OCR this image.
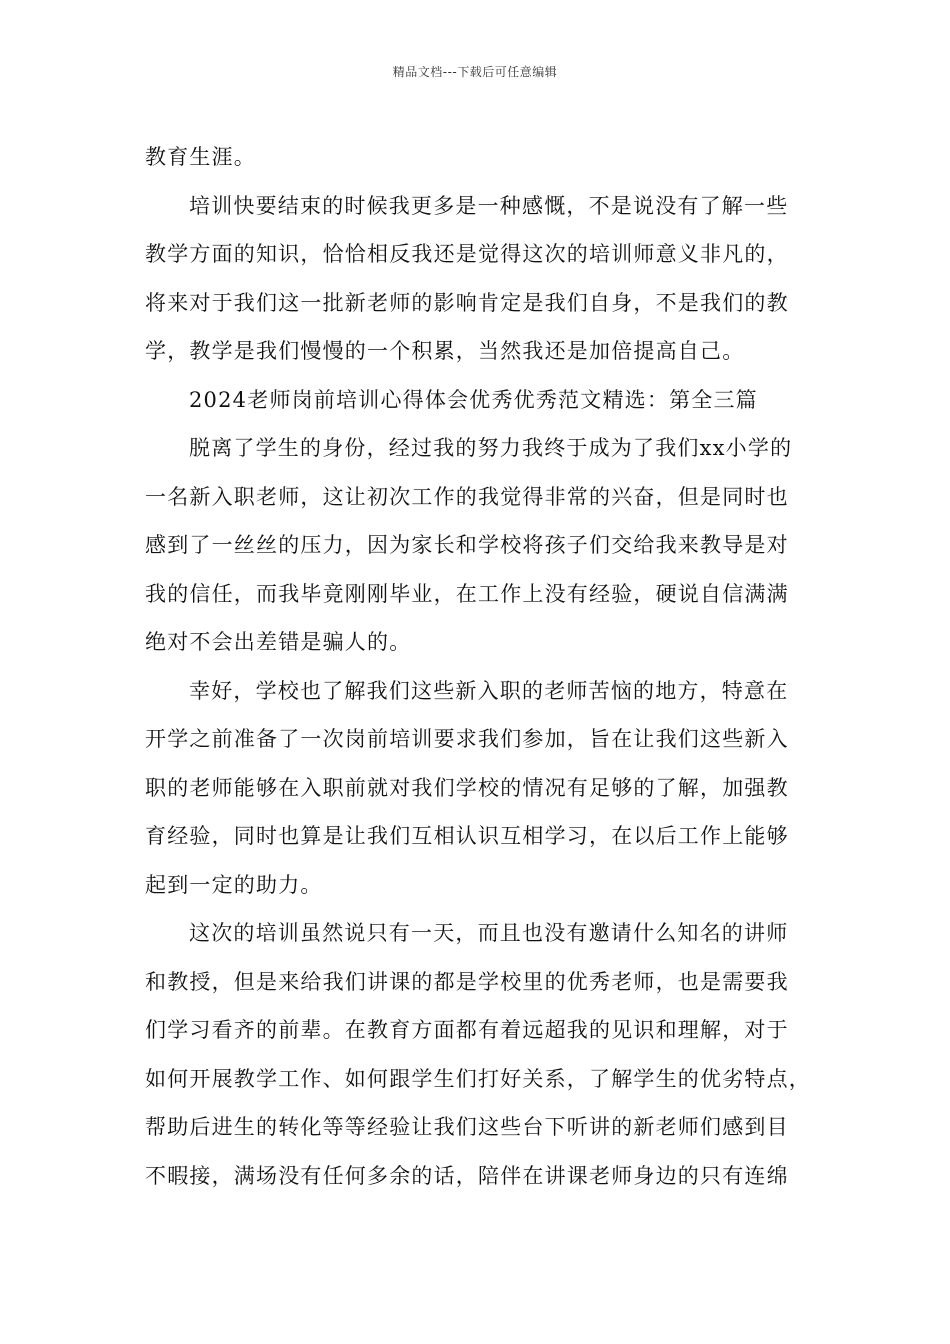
精品文档---下载后可任意编辑
教育生涯。
培训快要结束的时候我更多是一种感慨，不是说没有了解一些
教学方面的知识，恰恰相反我还是觉得这次的培训师意义非凡的，
将来对于我们这一批新老师的影响肯定是我们自身，不是我们的教
学，教学是我们慢慢的一个积累，当然我还是加倍提高自己。
2024老师岗前培训心得体会优秀优秀范文精选：第全三篇
脱离了学生的身份，经过我的努力我终于成为了我们xx小学的
一名新入职老师，这让初次工作的我觉得非常的兴奋，但是同时也
感到了一丝丝的压力，因为家长和学校将孩子们交给我来教导是对
我的信任，而我毕竟刚刚毕业，在工作上没有经验，硬说自信满满
绝对不会出差错是骗人的。
幸好，学校也了解我们这些新入职的老师苦恼的地方，特意在
开学之前准备了一次岗前培训要求我们参加，旨在让我们这些新入
职的老师能够在入职前就对我们学校的情况有足够的了解，加强教
育经验，同时也算是让我们互相认识互相学习，在以后工作上能够
起到一定的助力。
这次的培训虽然说只有一天，而且也没有邀请什么知名的讲师
和教授，但是来给我们讲课的都是学校里的优秀老师，也是需要我
们学习看齐的前辈。在教育方面都有着远超我的见识和理解，对于
如何开展教学工作、如何跟学生们打好关系，了解学生的优劣特点，
帮助后进生的转化等等经验让我们这些台下听讲的新老师们感到目
不暇接，满场没有任何多余的话，陪伴在讲课老师身边的只有连绵
